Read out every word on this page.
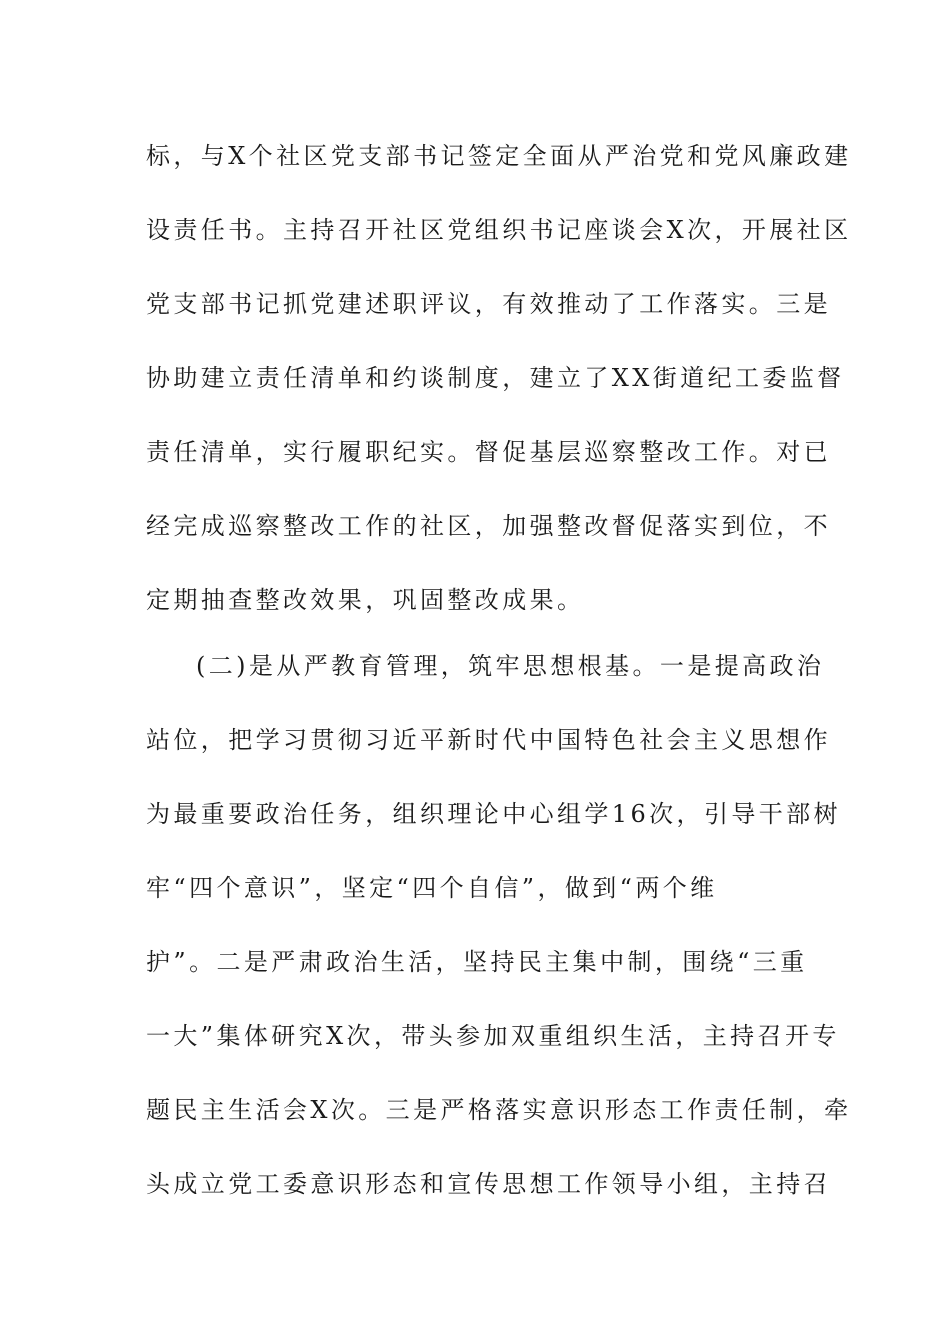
标，与X个社区党支部书记签定全面从严治党和党风廉政建
设责任书。主持召开社区党组织书记座谈会X次，开展社区
党支部书记抓党建述职评议，有效推动了工作落实。三是
协助建立责任清单和约谈制度，建立了XX街道纪工委监督
责任清单，实行履职纪实。督促基层巡察整改工作。对已
经完成巡察整改工作的社区，加强整改督促落实到位，不
定期抽查整改效果，巩固整改成果。
(二)是从严教育管理，筑牢思想根基。一是提高政治
站位，把学习贯彻习近平新时代中国特色社会主义思想作
为最重要政治任务，组织理论中心组学16次，引导干部树
牢“四个意识”，坚定“四个自信”，做到“两个维
护”。二是严肃政治生活，坚持民主集中制，围绕“三重
一大”集体研究X次，带头参加双重组织生活，主持召开专
题民主生活会X次。三是严格落实意识形态工作责任制，牵
头成立党工委意识形态和宣传思想工作领导小组，主持召
